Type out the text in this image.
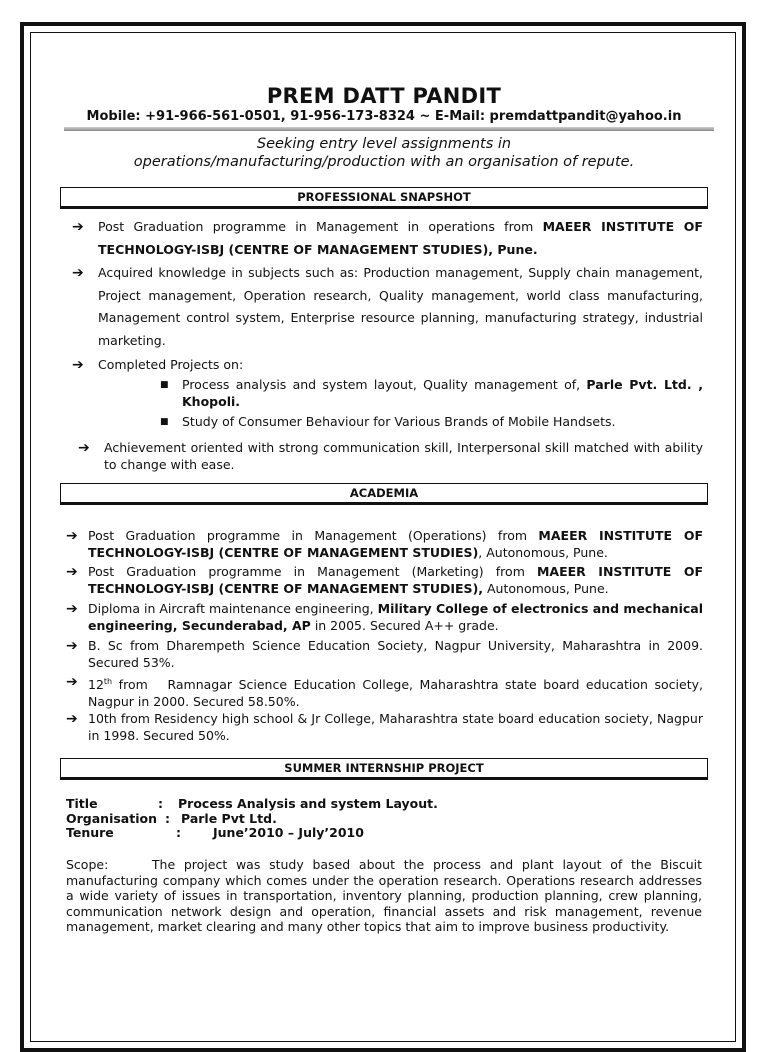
PREM DATT PANDIT
Mobile: +91-966-561-0501, 91-956-173-8324 ~ E-Mail: premdattpandit@yahoo.in
Seeking entry level assignments in
operations/manufacturing/production with an organisation of repute.
PROFESSIONAL SNAPSHOT
➔	Post Graduation programme in Management in operations from MAEER INSTITUTE OF TECHNOLOGY-ISBJ (CENTRE OF MANAGEMENT STUDIES), Pune.
➔	Acquired knowledge in subjects such as: Production management, Supply chain management, Project management, Operation research, Quality management, world class manufacturing, Management control system, Enterprise resource planning, manufacturing strategy, industrial marketing.
➔	Completed Projects on:
➔	Achievement oriented with strong communication skill, Interpersonal skill matched with ability to change with ease.
■	Process analysis and system layout, Quality management of, Parle Pvt. Ltd. , Khopoli.
■	Study of Consumer Behaviour for Various Brands of Mobile Handsets.
ACADEMIA
➔ Post Graduation programme in Management (Operations) from MAEER INSTITUTE OF TECHNOLOGY-ISBJ (CENTRE OF MANAGEMENT STUDIES), Autonomous, Pune.
➔ Post Graduation programme in Management (Marketing) from MAEER INSTITUTE OF TECHNOLOGY-ISBJ (CENTRE OF MANAGEMENT STUDIES), Autonomous, Pune.
➔ Diploma in Aircraft maintenance engineering, Military College of electronics and mechanical engineering, Secunderabad, AP in 2005. Secured A++ grade.
➔ B. Sc from Dharempeth Science Education Society, Nagpur University, Maharashtra in 2009. Secured 53%.
➔ 12th from   Ramnagar Science Education College, Maharashtra state board education society, Nagpur in 2000. Secured 58.50%.
➔ 10th from Residency high school & Jr College, Maharashtra state board education society, Nagpur in 1998. Secured 50%.
SUMMER INTERNSHIP PROJECT
Title	:	Process Analysis and system Layout.
Organisation : Parle Pvt Ltd.
Tenure	:	June’2010 – July’2010
Scope:     The project was study based about the process and plant layout of the Biscuit manufacturing company which comes under the operation research. Operations research addresses a wide variety of issues in transportation, inventory planning, production planning, crew planning, communication network design and operation, financial assets and risk management, revenue management, market clearing and many other topics that aim to improve business productivity.
